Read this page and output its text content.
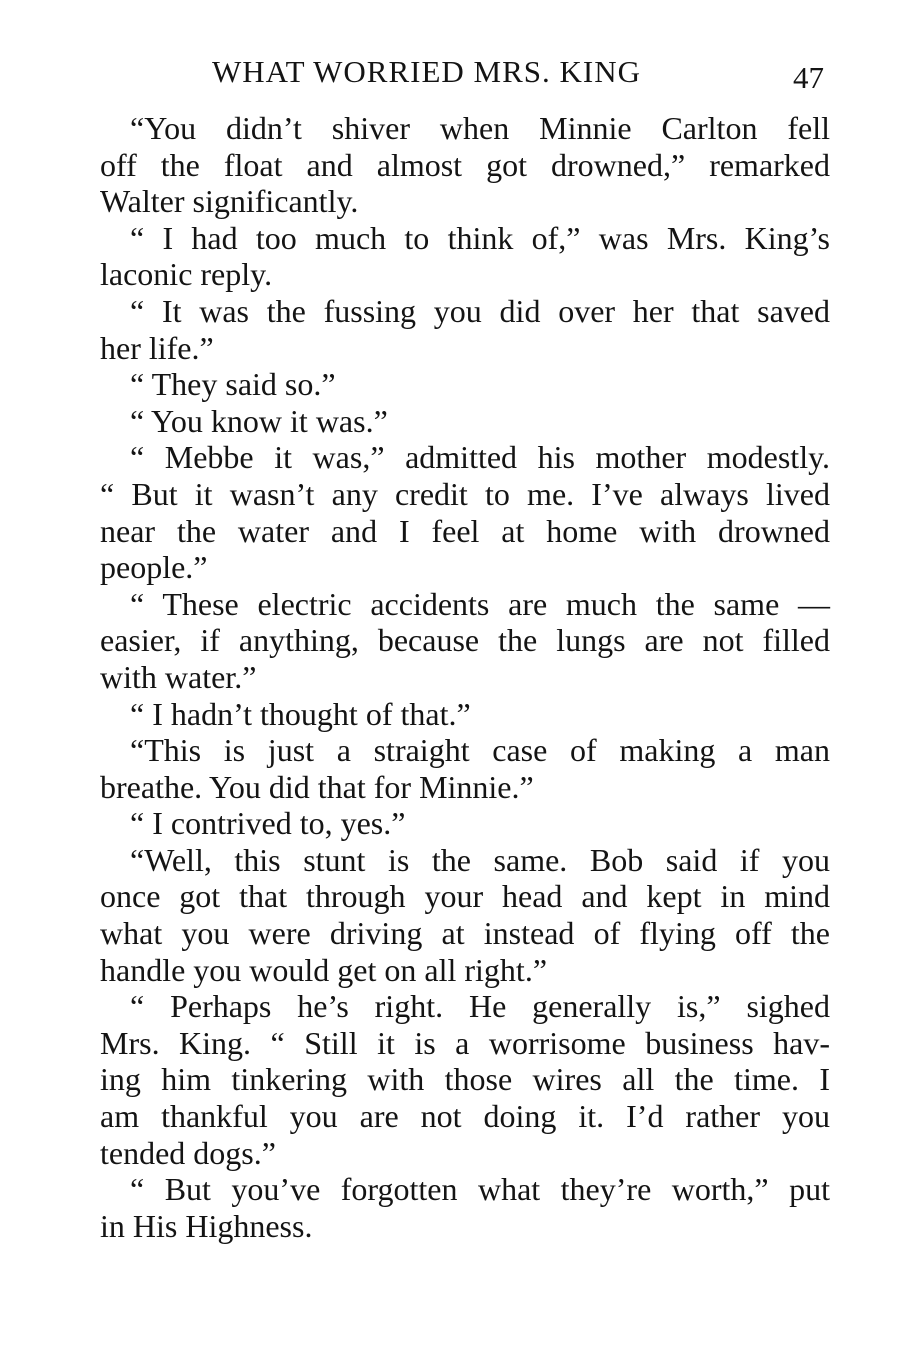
WHAT WORRIED MRS. KING	47
“You didn’t shiver when Minnie Carlton fell
off the float and almost got drowned,” remarked
Walter significantly.
“ I had too much to think of,” was Mrs. King’s
laconic reply.
“ It was the fussing you did over her that saved
her life.”
“ They said so.”
“ You know it was.”
“ Mebbe it was,” admitted his mother modestly.
“ But it wasn’t any credit to me. I’ve always lived
near the water and I feel at home with drowned
people.”
“ These electric accidents are much the same —
easier, if anything, because the lungs are not filled
with water.”
“ I hadn’t thought of that.”
“This is just a straight case of making a man
breathe. You did that for Minnie.”
“ I contrived to, yes.”
“Well, this stunt is the same. Bob said if you
once got that through your head and kept in mind
what you were driving at instead of flying off the
handle you would get on all right.”
“ Perhaps he’s right. He generally is,” sighed
Mrs. King. “ Still it is a worrisome business hav-
ing him tinkering with those wires all the time. I
am thankful you are not doing it. I’d rather you
tended dogs.”
“ But you’ve forgotten what they’re worth,” put
in His Highness.
